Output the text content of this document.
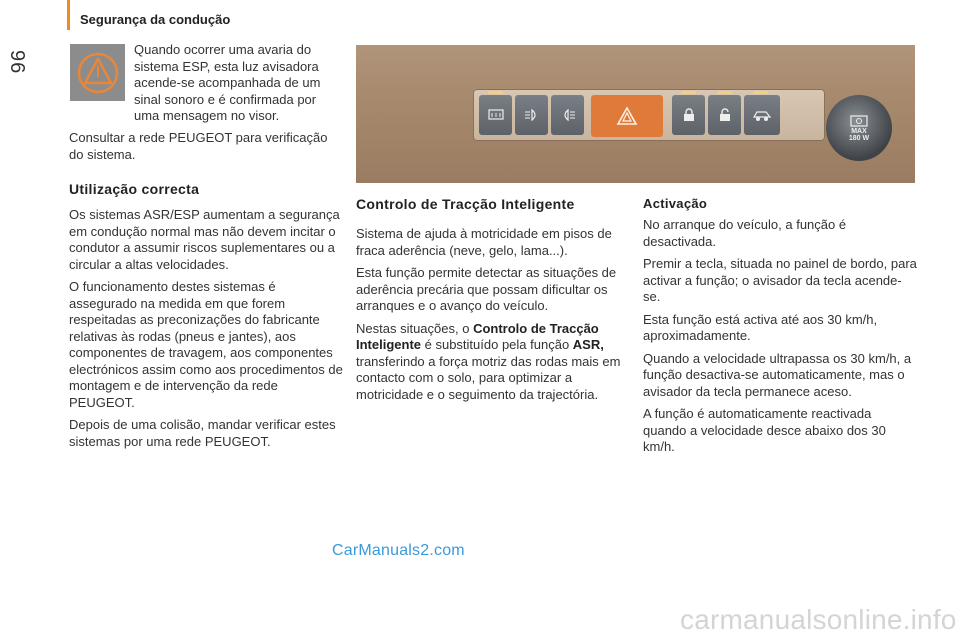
96
Segurança da condução

Quando ocorrer uma avaria do sistema ESP, esta luz avisadora acende-se acompanhada de um sinal sonoro e é confirmada por uma mensagem no visor.

Consultar a rede PEUGEOT para verificação do sistema.

Utilização correcta

Os sistemas ASR/ESP aumentam a segurança em condução normal mas não devem incitar o condutor a assumir riscos suplementares ou a circular a altas velocidades.

O funcionamento destes sistemas é assegurado na medida em que forem respeitadas as preconizações do fabricante relativas às rodas (pneus e jantes), aos componentes de travagem, aos componentes electrónicos assim como aos procedimentos de montagem e de intervenção da rede PEUGEOT.

Depois de uma colisão, mandar verificar estes sistemas por uma rede PEUGEOT.

MAX
180 W
Controlo de Tracção Inteligente

Sistema de ajuda à motricidade em pisos de fraca aderência (neve, gelo, lama...).

Esta função permite detectar as situações de aderência precária que possam dificultar os arranques e o avanço do veículo.

Nestas situações, o Controlo de Tracção Inteligente é substituído pela função ASR, transferindo a força motriz das rodas mais em contacto com o solo, para optimizar a motricidade e o seguimento da trajectória.

Activação

No arranque do veículo, a função é desactivada.

Premir a tecla, situada no painel de bordo, para activar a função; o avisador da tecla acende-se.

Esta função está activa até aos 30 km/h, aproximadamente.

Quando a velocidade ultrapassa os 30 km/h, a função desactiva-se automaticamente, mas o avisador da tecla permanece aceso.

A função é automaticamente reactivada quando a velocidade desce abaixo dos 30 km/h.

CarManuals2.com
carmanualsonline.info
